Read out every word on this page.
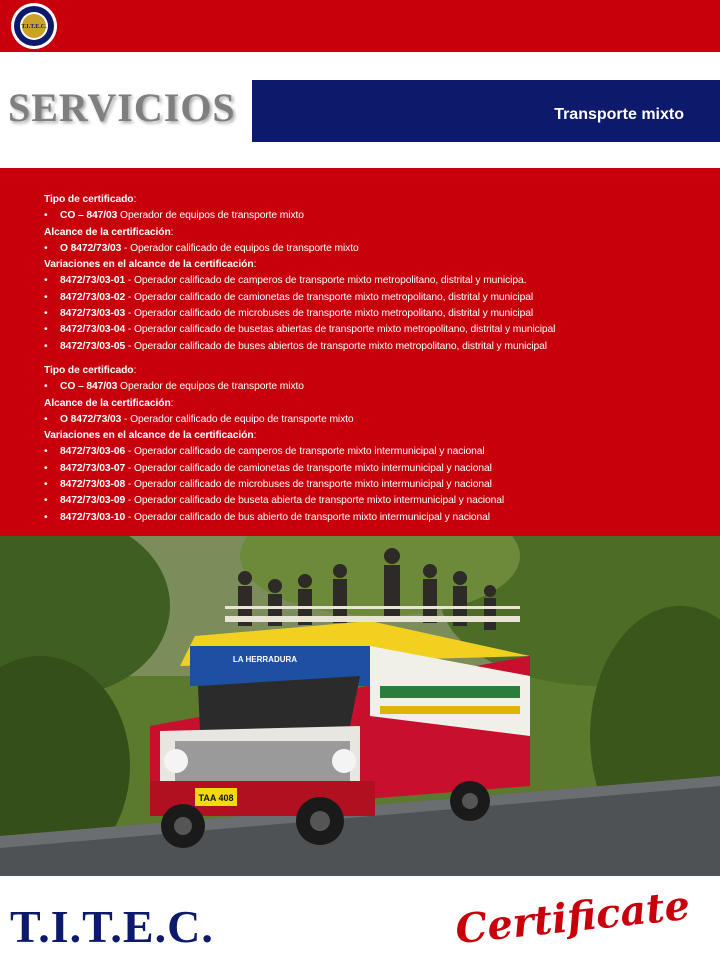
T.I.T.E.C.
SERVICIOS	Transporte mixto
Tipo de certificado:
• CO – 847/03 Operador de equipos de transporte mixto
Alcance de la certificación:
• O 8472/73/03 - Operador calificado de equipos de transporte mixto
Variaciones en el alcance de la certificación:
• 8472/73/03-01 - Operador calificado de camperos de transporte mixto metropolitano, distrital y municipa.
• 8472/73/03-02 - Operador calificado de camionetas de transporte mixto metropolitano, distrital y municipal
• 8472/73/03-03 - Operador calificado de microbuses de transporte mixto metropolitano, distrital y municipal
• 8472/73/03-04 - Operador calificado de busetas abiertas de transporte mixto metropolitano, distrital y municipal
• 8472/73/03-05 - Operador calificado de buses abiertos de transporte mixto metropolitano, distrital y municipal
Tipo de certificado:
• CO – 847/03 Operador de equipos de transporte mixto
Alcance de la certificación:
• O 8472/73/03 - Operador calificado de equipo de transporte mixto
Variaciones en el alcance de la certificación:
• 8472/73/03-06 - Operador calificado de camperos de transporte mixto intermunicipal y nacional
• 8472/73/03-07 - Operador calificado de camionetas de transporte mixto intermunicipal y nacional
• 8472/73/03-08 - Operador calificado de microbuses de transporte mixto intermunicipal y nacional
• 8472/73/03-09 - Operador calificado de buseta abierta de transporte mixto intermunicipal y nacional
• 8472/73/03-10 - Operador calificado de bus abierto de transporte mixto intermunicipal y nacional
TAA 408
LA HERRADURA
T.I.T.E.C.	Certificate
